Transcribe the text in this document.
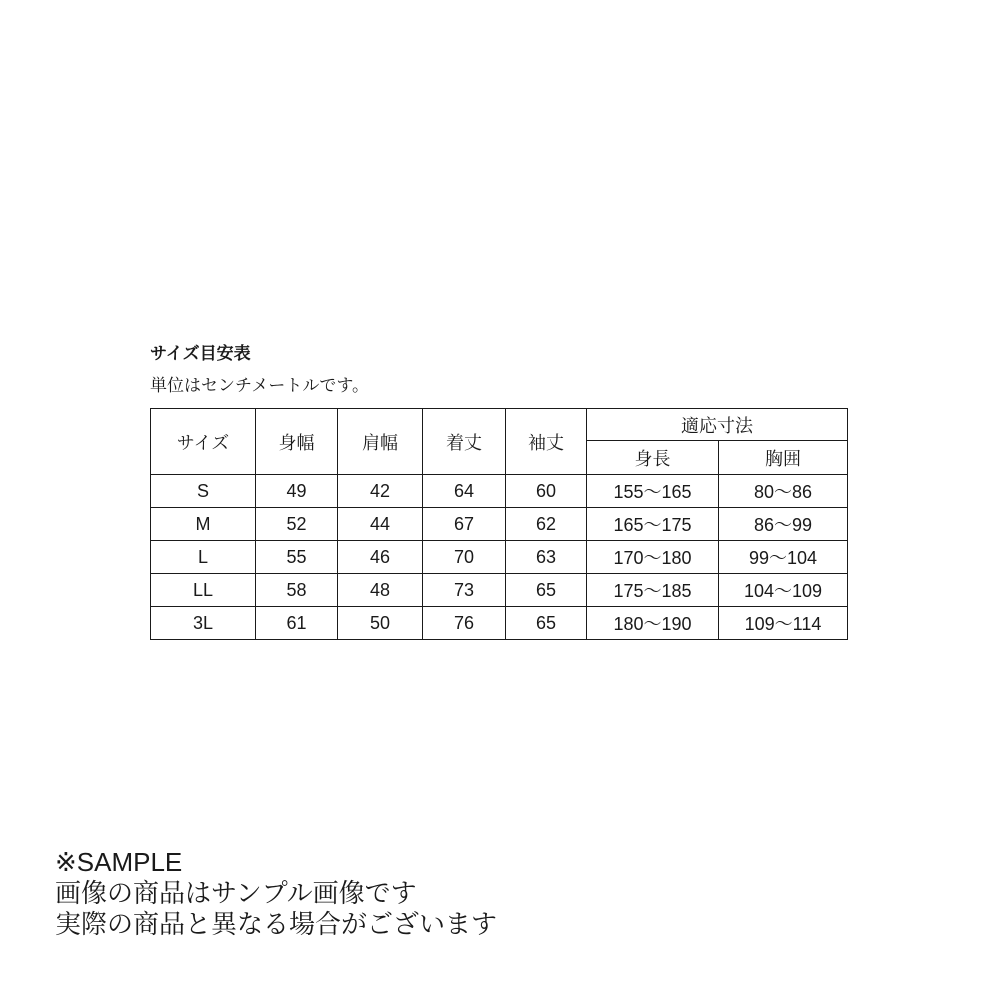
サイズ目安表

単位はセンチメートルです。

サイズ	身幅	肩幅	着丈	袖丈	適応寸法	
					身長	胸囲
S	49	42	64	60	155～165	80～86
M	52	44	67	62	165～175	86～99
L	55	46	70	63	170～180	99～104
LL	58	48	73	65	175～185	104～109
3L	61	50	76	65	180～190	109～114

※SAMPLE

画像の商品はサンプル画像です

実際の商品と異なる場合がございます
